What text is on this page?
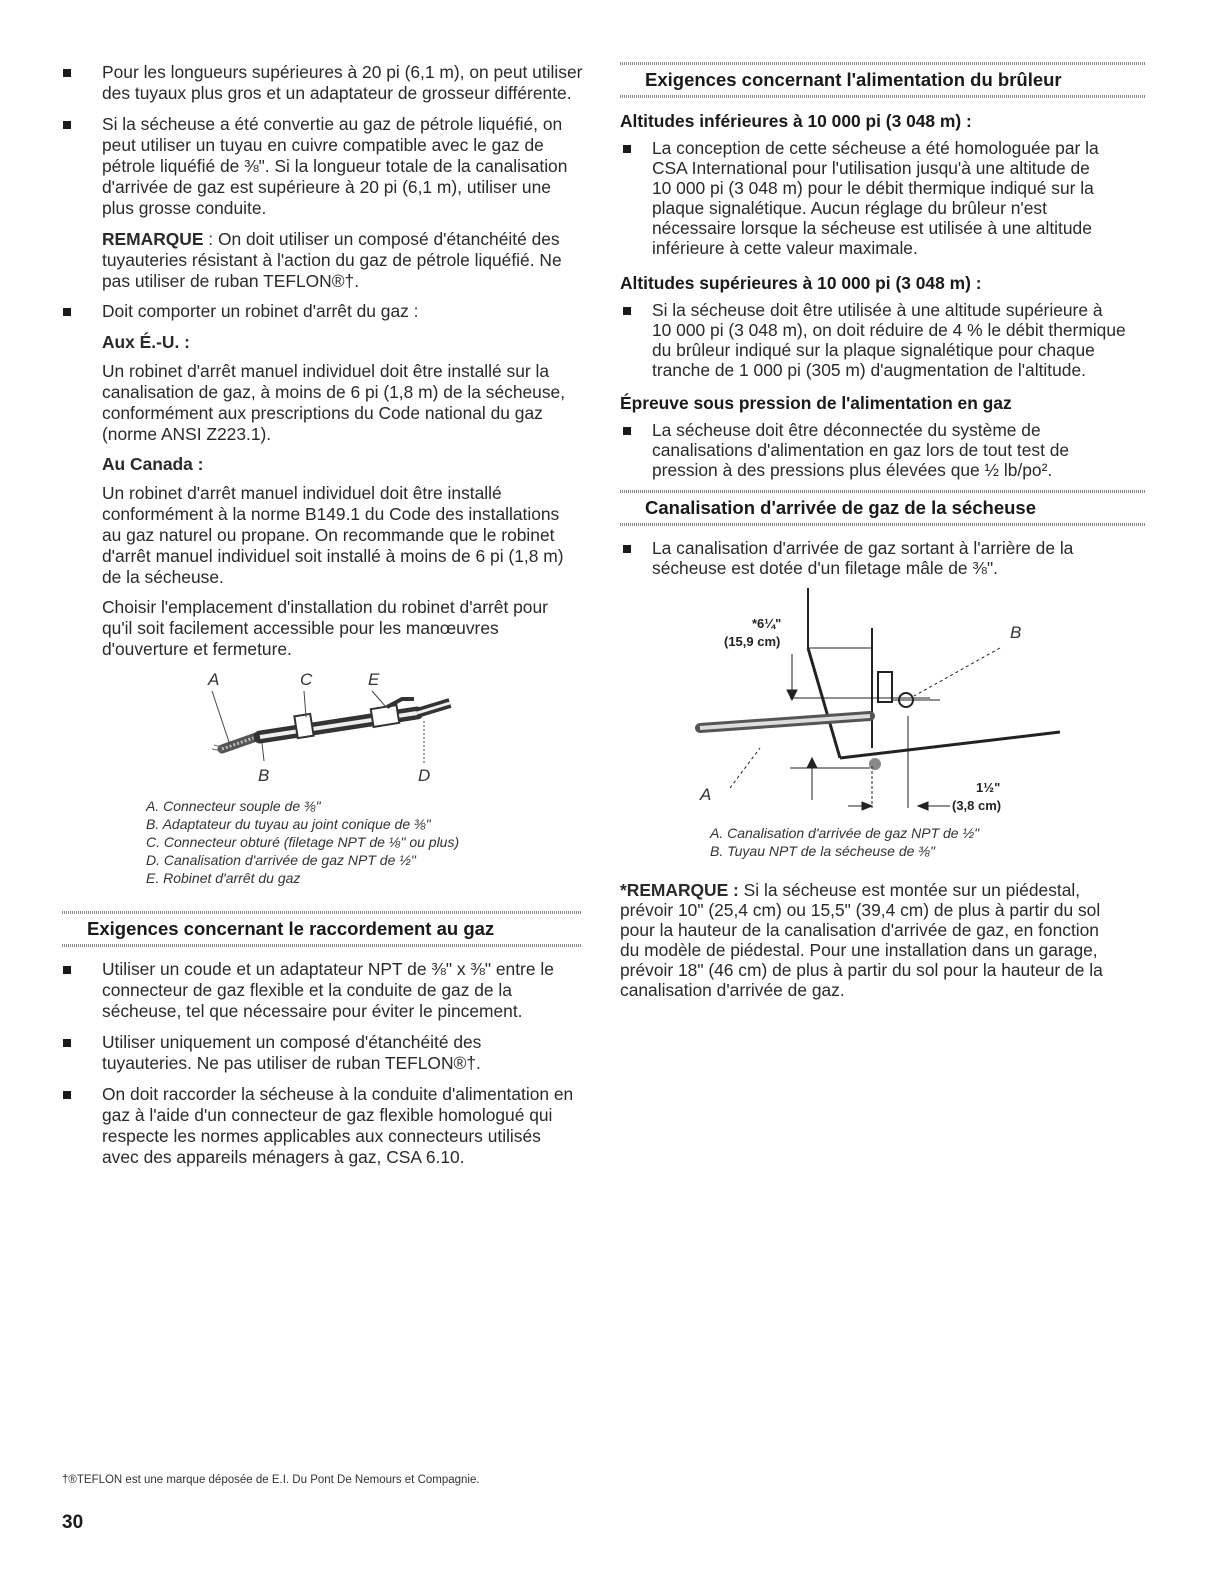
Pour les longueurs supérieures à 20 pi (6,1 m), on peut utiliser
des tuyaux plus gros et un adaptateur de grosseur différente.
Si la sécheuse a été convertie au gaz de pétrole liquéfié, on
peut utiliser un tuyau en cuivre compatible avec le gaz de
pétrole liquéfié de ⅜". Si la longueur totale de la canalisation
d'arrivée de gaz est supérieure à 20 pi (6,1 m), utiliser une
plus grosse conduite.
REMARQUE : On doit utiliser un composé d'étanchéité des
tuyauteries résistant à l'action du gaz de pétrole liquéfié. Ne
pas utiliser de ruban TEFLON®†.
Doit comporter un robinet d'arrêt du gaz :
Aux É.-U. :
Un robinet d'arrêt manuel individuel doit être installé sur la
canalisation de gaz, à moins de 6 pi (1,8 m) de la sécheuse,
conformément aux prescriptions du Code national du gaz
(norme ANSI Z223.1).
Au Canada :
Un robinet d'arrêt manuel individuel doit être installé
conformément à la norme B149.1 du Code des installations
au gaz naturel ou propane. On recommande que le robinet
d'arrêt manuel individuel soit installé à moins de 6 pi (1,8 m)
de la sécheuse.
Choisir l'emplacement d'installation du robinet d'arrêt pour
qu'il soit facilement accessible pour les manœuvres
d'ouverture et fermeture.
A	C	E
B	D
A. Connecteur souple de ⅜"
B. Adaptateur du tuyau au joint conique de ⅜"
C. Connecteur obturé (filetage NPT de ⅛" ou plus)
D. Canalisation d'arrivée de gaz NPT de ½"
E. Robinet d'arrêt du gaz
Exigences concernant le raccordement au gaz
Utiliser un coude et un adaptateur NPT de ⅜" x ⅜" entre le
connecteur de gaz flexible et la conduite de gaz de la
sécheuse, tel que nécessaire pour éviter le pincement.
Utiliser uniquement un composé d'étanchéité des
tuyauteries. Ne pas utiliser de ruban TEFLON®†.
On doit raccorder la sécheuse à la conduite d'alimentation en
gaz à l'aide d'un connecteur de gaz flexible homologué qui
respecte les normes applicables aux connecteurs utilisés
avec des appareils ménagers à gaz, CSA 6.10.
Exigences concernant l'alimentation du brûleur
Altitudes inférieures à 10 000 pi (3 048 m) :
La conception de cette sécheuse a été homologuée par la
CSA International pour l'utilisation jusqu'à une altitude de
10 000 pi (3 048 m) pour le débit thermique indiqué sur la
plaque signalétique. Aucun réglage du brûleur n'est
nécessaire lorsque la sécheuse est utilisée à une altitude
inférieure à cette valeur maximale.
Altitudes supérieures à 10 000 pi (3 048 m) :
Si la sécheuse doit être utilisée à une altitude supérieure à
10 000 pi (3 048 m), on doit réduire de 4 % le débit thermique
du brûleur indiqué sur la plaque signalétique pour chaque
tranche de 1 000 pi (305 m) d'augmentation de l'altitude.
Épreuve sous pression de l'alimentation en gaz
La sécheuse doit être déconnectée du système de
canalisations d'alimentation en gaz lors de tout test de
pression à des pressions plus élevées que ½ lb/po².
Canalisation d'arrivée de gaz de la sécheuse
La canalisation d'arrivée de gaz sortant à l'arrière de la
sécheuse est dotée d'un filetage mâle de ⅜".
*6¼"
(15,9 cm)	B
A	1½"
(3,8 cm)
A. Canalisation d'arrivée de gaz NPT de ½"
B. Tuyau NPT de la sécheuse de ⅜"
*REMARQUE : Si la sécheuse est montée sur un piédestal,
prévoir 10" (25,4 cm) ou 15,5" (39,4 cm) de plus à partir du sol
pour la hauteur de la canalisation d'arrivée de gaz, en fonction
du modèle de piédestal. Pour une installation dans un garage,
prévoir 18" (46 cm) de plus à partir du sol pour la hauteur de la
canalisation d'arrivée de gaz.
†®TEFLON est une marque déposée de E.I. Du Pont De Nemours et Compagnie.
30
